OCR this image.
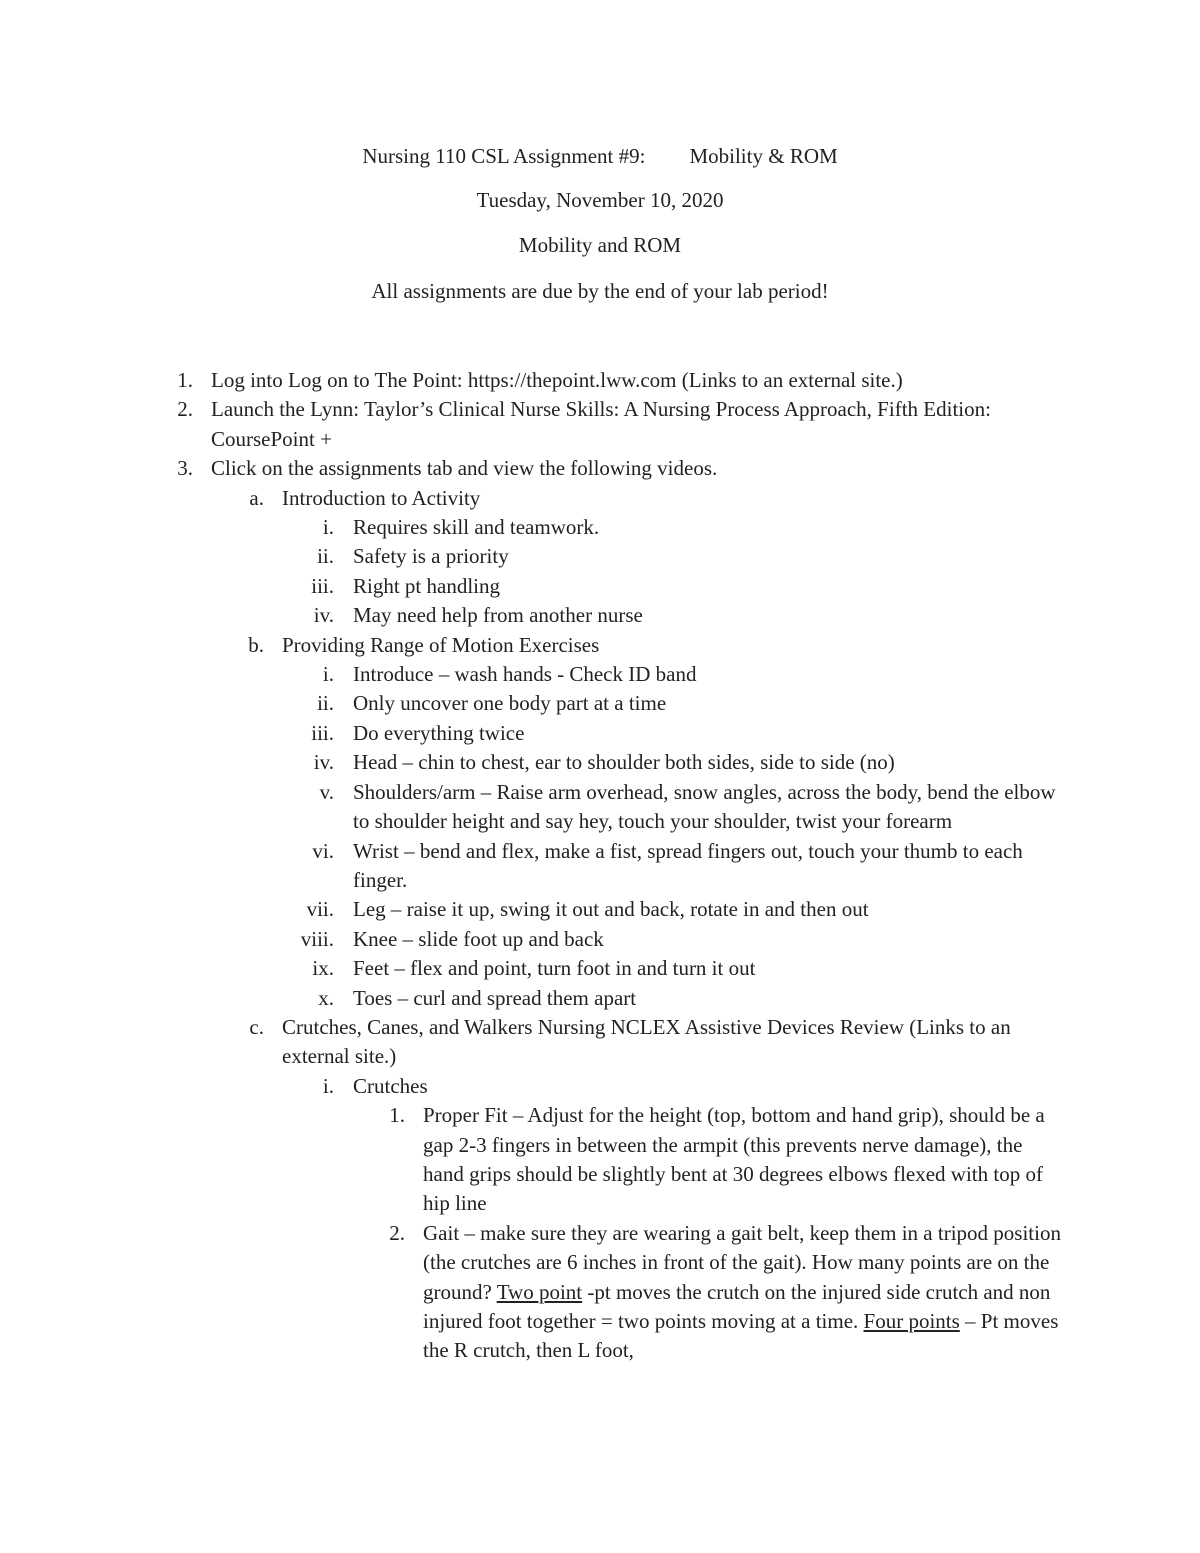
Nursing 110 CSL Assignment #9: Mobility & ROM
Tuesday, November 10, 2020
Mobility and ROM
All assignments are due by the end of your lab period!
1. Log into Log on to The Point: https://thepoint.lww.com (Links to an external site.)
2. Launch the Lynn: Taylor’s Clinical Nurse Skills: A Nursing Process Approach, Fifth Edition: CoursePoint +
3. Click on the assignments tab and view the following videos.
a. Introduction to Activity
i. Requires skill and teamwork.
ii. Safety is a priority
iii. Right pt handling
iv. May need help from another nurse
b. Providing Range of Motion Exercises
i. Introduce – wash hands - Check ID band
ii. Only uncover one body part at a time
iii. Do everything twice
iv. Head – chin to chest, ear to shoulder both sides, side to side (no)
v. Shoulders/arm – Raise arm overhead, snow angles, across the body, bend the elbow to shoulder height and say hey, touch your shoulder, twist your forearm
vi. Wrist – bend and flex, make a fist, spread fingers out, touch your thumb to each finger.
vii. Leg – raise it up, swing it out and back, rotate in and then out
viii. Knee – slide foot up and back
ix. Feet – flex and point, turn foot in and turn it out
x. Toes – curl and spread them apart
c. Crutches, Canes, and Walkers Nursing NCLEX Assistive Devices Review (Links to an external site.)
i. Crutches
1. Proper Fit – Adjust for the height (top, bottom and hand grip), should be a gap 2-3 fingers in between the armpit (this prevents nerve damage), the hand grips should be slightly bent at 30 degrees elbows flexed with top of hip line
2. Gait – make sure they are wearing a gait belt, keep them in a tripod position (the crutches are 6 inches in front of the gait). How many points are on the ground? Two point -pt moves the crutch on the injured side crutch and non injured foot together = two points moving at a time. Four points – Pt moves the R crutch, then L foot,
